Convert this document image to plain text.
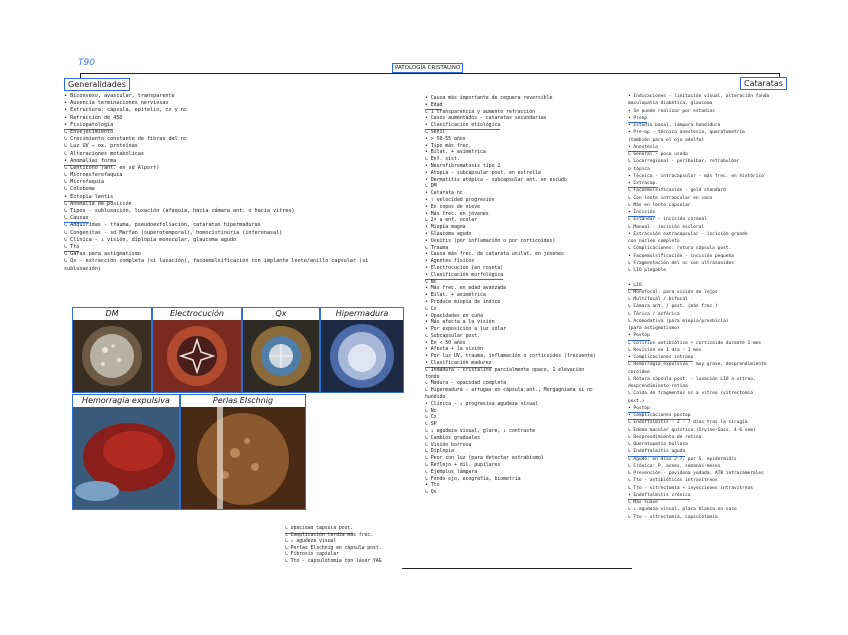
T90	PATOLOGÍA CRISTALINO
Generalidades	Cataratas
• Biconvexo, avascular, transparente
• Ausencia terminaciones nerviosas
• Estructura: cápsula, epitelio, cx y nc
• Refracción de 45D
• Fisiopatología
↳ Envejecimiento
↳ Crecimiento constante de fibras del nc
↳ Luz UV → ox. proteínas
↳ Alteraciones metabólicas
• Anomalías forma
↳ Lenticono (ant. en sd Alport)
↳ Microesferofaquia
↳ Microfaquia
↳ Coloboma
• Ectopia lentis
↳ Anomalía de posición
↳ Tipos - subluxación, luxación (afaquia, hacia cámara ant. o hacia vítreo)
↳ Causas
↳ Adquiridas - trauma, pseudoexfoliación, cataratas hipermaduras
↳ Congénitas - sd Marfan (superotemporal), homocistinuria (inferonasal)
↳ Clínica - ↓ visión, diplopía monocular, glaucoma agudo
↳ Tto
↳ Gafas para astigmatismo
↳ Qx - extracción completa (si luxación), facoemulsificación con implante lente/anillo capsular (si
subluxación)
DM	Electrocución	Qx	Hipermadura
Hemorragia expulsiva	Perlas Elschnig
• Causa más importante de ceguera reversible
• Edad
↳ 1 transparencia y aumento refracción
• Casos aumentados - cataratas secundarias
• Clasificación etiológica
↳ Senil
• > 50-55 años
• Tipo más frec.
• Bilat. + asimétrica
↳ Enf. sist.
• Neurofibromatosis tipo 2
• Atopia - subcapsular post. en estrella
• Dermatitis atópica - subcapsular ant. en escudo
↳ DM
• Catarata nc
• ↑ velocidad progresión
• En copos de nieve
• Más frec. en jóvenes
↳ 2ª a enf. ocular
• Miopía magna
• Glaucoma agudo
• Uveítis (por inflamación o por corticoides)
↳ Trauma
• Causa más frec. de catarata unilat. en jóvenes
• Agentes físicos
• Electrocución (en roseta)
• Clasificación morfológica
↳ Nc
• Más frec. en edad avanzada
• Bilat. + asimétrica
• Produce miopía de índice
↳ Cx
• Opacidades en cuña
• Más afecta a la visión
• Por exposición a luz solar
↳ Subcapsular post.
• En < 50 años
• Afecta + la visión
• Por luz UV, trauma, inflamación o corticoides (frecuente)
• Clasificación madurez
↳ Inmadura - cristalino parcialmente opaco, 1 elevación
fondo
↳ Madura - opacidad completa
↳ Hipermadura - arrugas en cápsula ant., Morgagniana si nc
hundido
• Clínica - ↓ progresiva agudeza visual
↳ Nc
↳ Cx
↳ SP
↳ ↓ agudeza visual, glare, ↓ contraste
↳ Cambios graduales
↳ Visión borrosa
↳ Diplopía
↳ Peor con luz (para detectar estrabismo)
↳ Reflejo + dil. pupilares
↳ Ejemplos lámpara
↳ Fondo ojo, ecografía, biometría
• Tto
↳ Qx
↳ Opacidad cápsula post.
↳ Complicación tardía más frec.
↳ ↓ agudeza visual
↳ Perlas Elschnig en cápsula post.
↳ Fibrosis capsular
↳ Tto - capsulotomía con láser YAG
• Indicaciones - limitación visual, alteración fondo
maculopatía diabética, glaucoma
• Se puede realizar por estadios
• Preop
• Estudio basal, lámpara hendidura
• Pre-op - técnica anestesia, queratometría
(también para el ojo adelfo)
• Anestesia
↳ General - poco usada
↳ Locorregional - peribulbar, retrobulbar
o tópica
• Técnica - intracapsular - más frec. en histórico
• Extracap.
↳ Facoemulsificación - gold standard
↳ Con lente intraocular en saco
↳ Más en lente capsular
• Incisión
↳ Estándar - incisión corneal
↳ Manual - incisión escleral
• Extracción extracapsular - incisión grande
con núcleo completo
↳ Complicaciones: rotura cápsula post.
• Facoemulsificación - incisión pequeña
↳ Fragmentación del nc con ultrasonidos
↳ LIO plegable
• LIO
↳ Monofocal: para visión de lejos
↳ Multifocal / bifocal
↳ Cámara ant. / post. (más frec.)
↳ Tórica / asférica
↳ Acomodativa (para miopía/presbicia)
(para astigmatismo)
• Postop
↳ Colirios antibiótico + corticoide durante 1 mes
↳ Revisión en 1 día - 1 mes
• Complicaciones intraop
↳ Hemorragia expulsiva - muy grave, desprendimiento
coroideo
↳ Rotura cápsula post. - luxación LIO a vítreo,
desprendimiento retina
↳ Caída de fragmentos nc a vítreo (vitrectomía
post.)
• Postop
• Complicaciones postop
↳ Endoftalmitis - 2 - 7 días tras la cirugía
↳ Edema macular quístico (Irvine-Gass, 4-6 sem)
↳ Desprendimiento de retina
↳ Queratopatía bullosa
↳ Endoftalmitis aguda
↳ Agudo: en días 2-7, por S. epidermidis
↳ Crónico: P. acnes, semanas-meses
↳ Prevención - povidona yodada, ATB intracamerales
↳ Tto - antibióticos intravítreos
↳ Tto - vitrectomía + inyecciones intravítreas
• Endoftalmitis crónica
↳ Más suave
↳ ↓ agudeza visual, placa blanca en saco
↳ Tto - vitrectomía, capsulotomía
